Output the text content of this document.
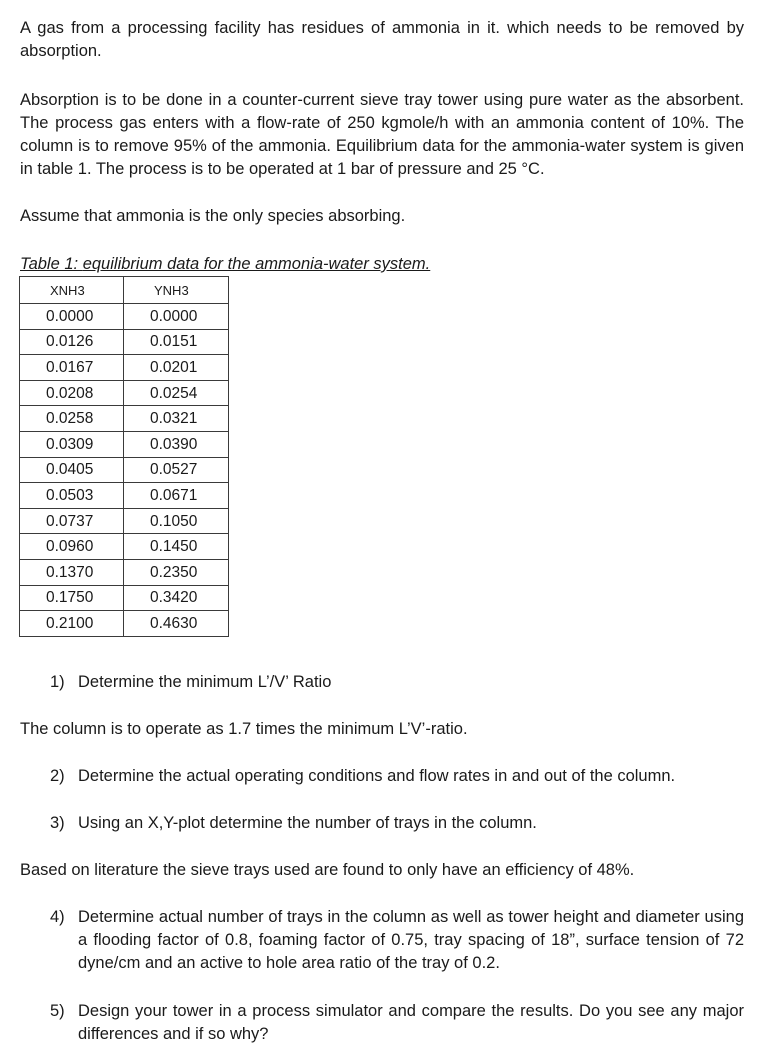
A gas from a processing facility has residues of ammonia in it. which needs to be removed by absorption.

Absorption is to be done in a counter-current sieve tray tower using pure water as the absorbent. The process gas enters with a flow-rate of 250 kgmole/h with an ammonia content of 10%. The column is to remove 95% of the ammonia. Equilibrium data for the ammonia-water system is given in table 1. The process is to be operated at 1 bar of pressure and 25 °C.

Assume that ammonia is the only species absorbing.

Table 1: equilibrium data for the ammonia-water system.

XNH3	YNH3
0.0000	0.0000
0.0126	0.0151
0.0167	0.0201
0.0208	0.0254
0.0258	0.0321
0.0309	0.0390
0.0405	0.0527
0.0503	0.0671
0.0737	0.1050
0.0960	0.1450
0.1370	0.2350
0.1750	0.3420
0.2100	0.4630
1) Determine the minimum L’/V’ Ratio

The column is to operate as 1.7 times the minimum L’V’-ratio.

2) Determine the actual operating conditions and flow rates in and out of the column.
3) Using an X,Y-plot determine the number of trays in the column.

Based on literature the sieve trays used are found to only have an efficiency of 48%.

4) Determine actual number of trays in the column as well as tower height and diameter using a flooding factor of 0.8, foaming factor of 0.75, tray spacing of 18”, surface tension of 72 dyne/cm and an active to hole area ratio of the tray of 0.2.
5) Design your tower in a process simulator and compare the results. Do you see any major differences and if so why?
